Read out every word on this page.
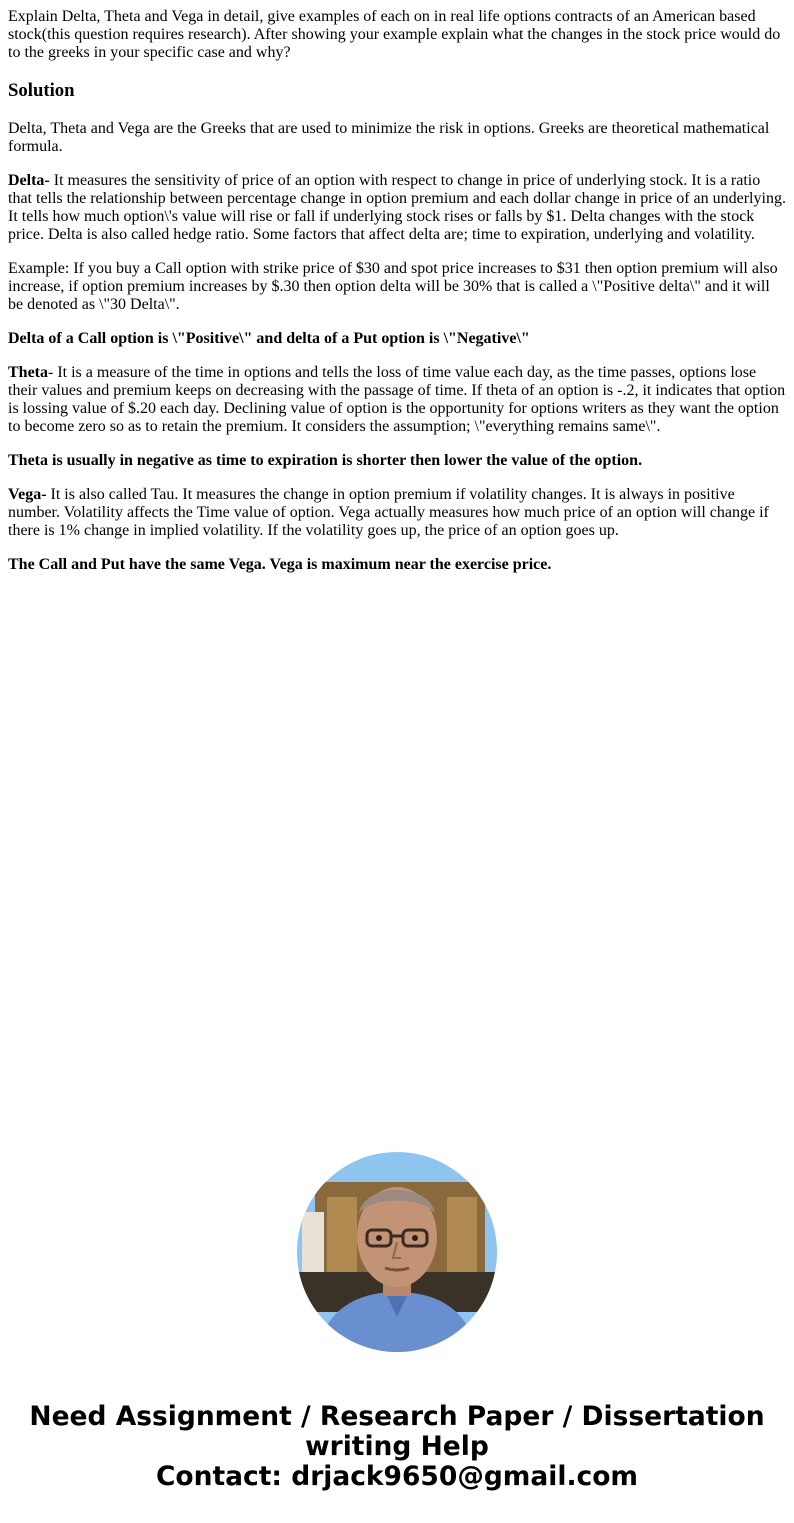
Explain Delta, Theta and Vega in detail, give examples of each on in real life options contracts of an American based stock(this question requires research). After showing your example explain what the changes in the stock price would do to the greeks in your specific case and why?

Solution

Delta, Theta and Vega are the Greeks that are used to minimize the risk in options. Greeks are theoretical mathematical formula.

Delta- It measures the sensitivity of price of an option with respect to change in price of underlying stock. It is a ratio that tells the relationship between percentage change in option premium and each dollar change in price of an underlying. It tells how much option\'s value will rise or fall if underlying stock rises or falls by $1. Delta changes with the stock price. Delta is also called hedge ratio. Some factors that affect delta are; time to expiration, underlying and volatility.

Example: If you buy a Call option with strike price of $30 and spot price increases to $31 then option premium will also increase, if option premium increases by $.30 then option delta will be 30% that is called a \"Positive delta\" and it will be denoted as \"30 Delta\".

Delta of a Call option is \"Positive\" and delta of a Put option is \"Negative\"

Theta- It is a measure of the time in options and tells the loss of time value each day, as the time passes, options lose their values and premium keeps on decreasing with the passage of time. If theta of an option is -.2, it indicates that option is lossing value of $.20 each day. Declining value of option is the opportunity for options writers as they want the option to become zero so as to retain the premium. It considers the assumption; \"everything remains same\".

Theta is usually in negative as time to expiration is shorter then lower the value of the option.

Vega- It is also called Tau. It measures the change in option premium if volatility changes. It is always in positive number. Volatility affects the Time value of option. Vega actually measures how much price of an option will change if there is 1% change in implied volatility. If the volatility goes up, the price of an option goes up.

The Call and Put have the same Vega. Vega is maximum near the exercise price.

Need Assignment / Research Paper / Dissertation
writing Help
Contact: drjack9650@gmail.com
